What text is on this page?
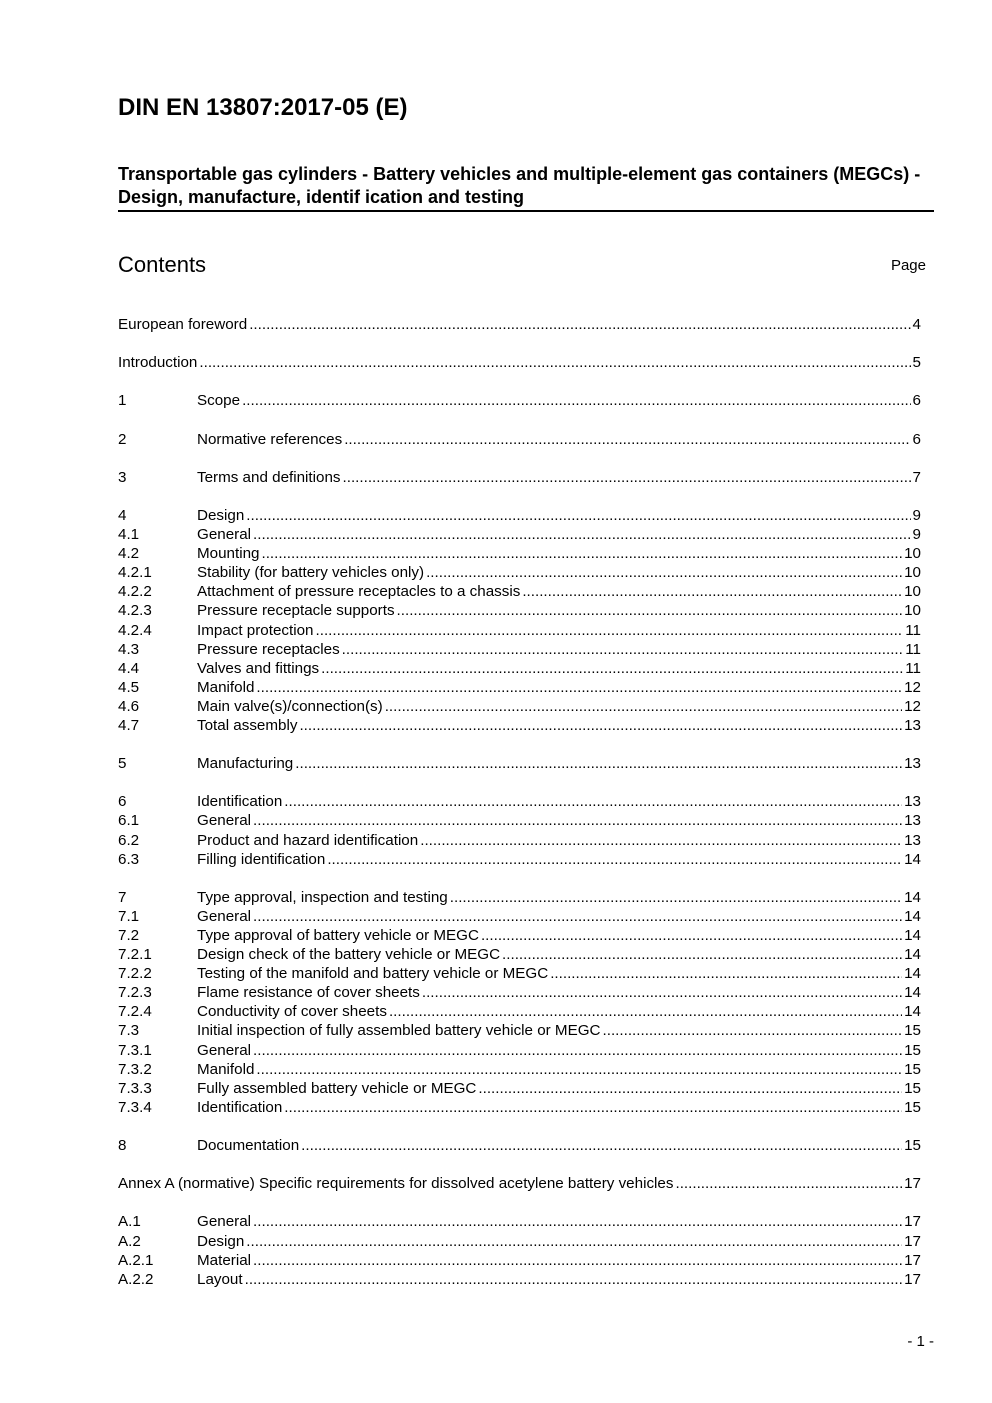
DIN EN 13807:2017-05 (E)
Transportable gas cylinders - Battery vehicles and multiple-element gas containers (MEGCs) - Design, manufacture, identif ication and testing
Contents	Page
European foreword .....	4
Introduction .....	5
1	Scope .....	6
2	Normative references .....	6
3	Terms and definitions .....	7
4	Design .....	9
4.1	General .....	9
4.2	Mounting .....	10
4.2.1	Stability (for battery vehicles only) .....	10
4.2.2	Attachment of pressure receptacles to a chassis .....	10
4.2.3	Pressure receptacle supports .....	10
4.2.4	Impact protection .....	11
4.3	Pressure receptacles .....	11
4.4	Valves and fittings .....	11
4.5	Manifold .....	12
4.6	Main valve(s)/connection(s) .....	12
4.7	Total assembly .....	13
5	Manufacturing .....	13
6	Identification .....	13
6.1	General .....	13
6.2	Product and hazard identification .....	13
6.3	Filling identification .....	14
7	Type approval, inspection and testing .....	14
7.1	General .....	14
7.2	Type approval of battery vehicle or MEGC .....	14
7.2.1	Design check of the battery vehicle or MEGC .....	14
7.2.2	Testing of the manifold and battery vehicle or MEGC .....	14
7.2.3	Flame resistance of cover sheets .....	14
7.2.4	Conductivity of cover sheets .....	14
7.3	Initial inspection of fully assembled battery vehicle or MEGC .....	15
7.3.1	General .....	15
7.3.2	Manifold .....	15
7.3.3	Fully assembled battery vehicle or MEGC .....	15
7.3.4	Identification .....	15
8	Documentation .....	15
Annex A (normative) Specific requirements for dissolved acetylene battery vehicles .....	17
A.1	General .....	17
A.2	Design .....	17
A.2.1	Material .....	17
A.2.2	Layout .....	17
- 1 -
